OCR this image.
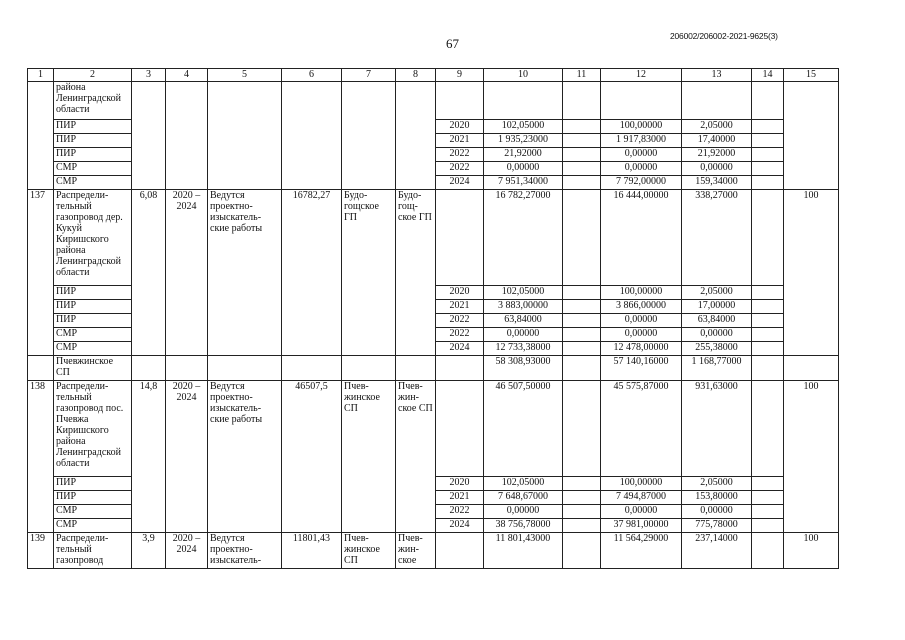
67	206002/206002-2021-9625(3)
1	2	3	4	5	6	7	8	9	10	11	12	13	14	15
	района Ленинградской области													
	ПИР							2020	102,05000		100,00000	2,05000		
	ПИР							2021	1 935,23000		1 917,83000	17,40000		
	ПИР							2022	21,92000		0,00000	21,92000		
	СМР							2022	0,00000		0,00000	0,00000		
	СМР							2024	7 951,34000		7 792,00000	159,34000		
137	Распредели-тельный газопровод дер. Кукуй Киришского района Ленинградской области	6,08	2020 – 2024	Ведутся проектно-изыскатель-ские работы	16782,27	Будо-гощское ГП	Будо-гощ-ское ГП		16 782,27000		16 444,00000	338,27000		100
	ПИР							2020	102,05000		100,00000	2,05000		
	ПИР							2021	3 883,00000		3 866,00000	17,00000		
	ПИР							2022	63,84000		0,00000	63,84000		
	СМР							2022	0,00000		0,00000	0,00000		
	СМР							2024	12 733,38000		12 478,00000	255,38000		
	Пчевжинское СП								58 308,93000		57 140,16000	1 168,77000		
138	Распредели-тельный газопровод пос. Пчевжа Киришского района Ленинградской области	14,8	2020 – 2024	Ведутся проектно-изыскатель-ские работы	46507,5	Пчев-жинское СП	Пчев-жин-ское СП		46 507,50000		45 575,87000	931,63000		100
	ПИР							2020	102,05000		100,00000	2,05000		
	ПИР							2021	7 648,67000		7 494,87000	153,80000		
	СМР							2022	0,00000		0,00000	0,00000		
	СМР							2024	38 756,78000		37 981,00000	775,78000		
139	Распредели-тельный газопровод	3,9	2020 – 2024	Ведутся проектно-изыскатель-	11801,43	Пчев-жинское СП	Пчев-жин-ское		11 801,43000		11 564,29000	237,14000		100
